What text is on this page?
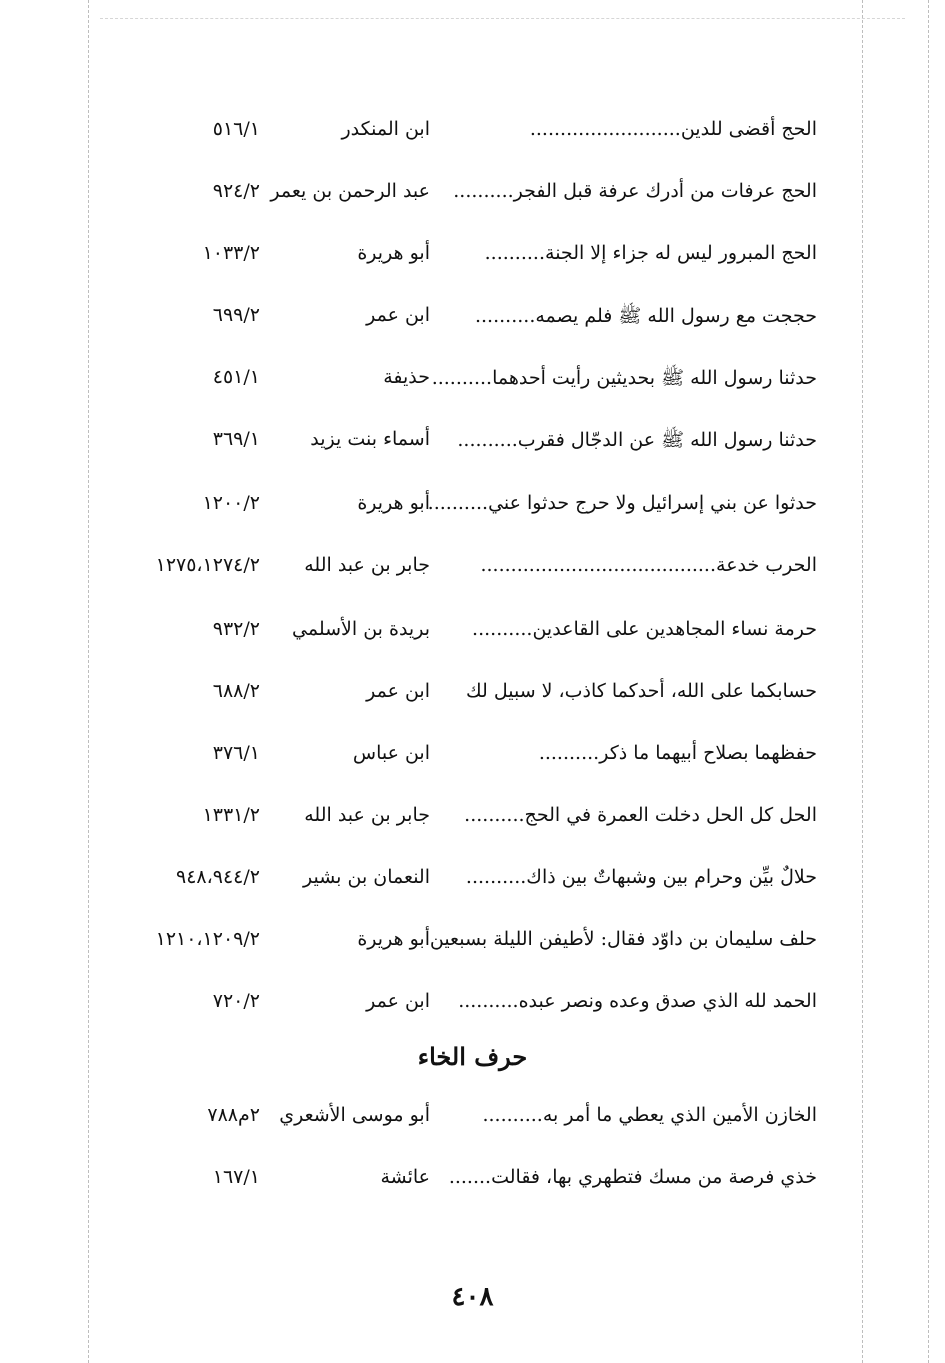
الحج أقضى للدين.........................
ابن المنكدر
٥١٦/١
الحج عرفات من أدرك عرفة قبل الفجر..........
عبد الرحمن بن يعمر
٩٢٤/٢
الحج المبرور ليس له جزاء إلا الجنة..........
أبو هريرة
١٠٣٣/٢
حججت مع رسول الله ﷺ فلم يصمه..........
ابن عمر
٦٩٩/٢
حدثنا رسول الله ﷺ بحديثين رأيت أحدهما..........
حذيفة
٤٥١/١
حدثنا رسول الله ﷺ عن الدجّال فقرب..........
أسماء بنت يزيد
٣٦٩/١
حدثوا عن بني إسرائيل ولا حرج حدثوا عني..........
أبو هريرة
١٢٠٠/٢
الحرب خدعة.......................................
جابر بن عبد الله
١٢٧٥،١٢٧٤/٢
حرمة نساء المجاهدين على القاعدين..........
بريدة بن الأسلمي
٩٣٢/٢
حسابكما على الله، أحدكما كاذب، لا سبيل لك
ابن عمر
٦٨٨/٢
حفظهما بصلاح أبيهما ما ذكر..........
ابن عباس
٣٧٦/١
الحل كل الحل دخلت العمرة في الحج..........
جابر بن عبد الله
١٣٣١/٢
حلالٌ بيِّن وحرام بين وشبهاتٌ بين ذاك..........
النعمان بن بشير
٩٤٨،٩٤٤/٢
حلف سليمان بن داوّد فقال: لأطيفن الليلة بسبعين
أبو هريرة
١٢١٠،١٢٠٩/٢
الحمد لله الذي صدق وعده ونصر عبده..........
ابن عمر
٧٢٠/٢
حرف الخاء
الخازن الأمين الذي يعطي ما أمر به..........
أبو موسى الأشعري
٢م٧٨٨
خذي فرصة من مسك فتطهري بها، فقالت.......
عائشة
١٦٧/١
٤٠٨
